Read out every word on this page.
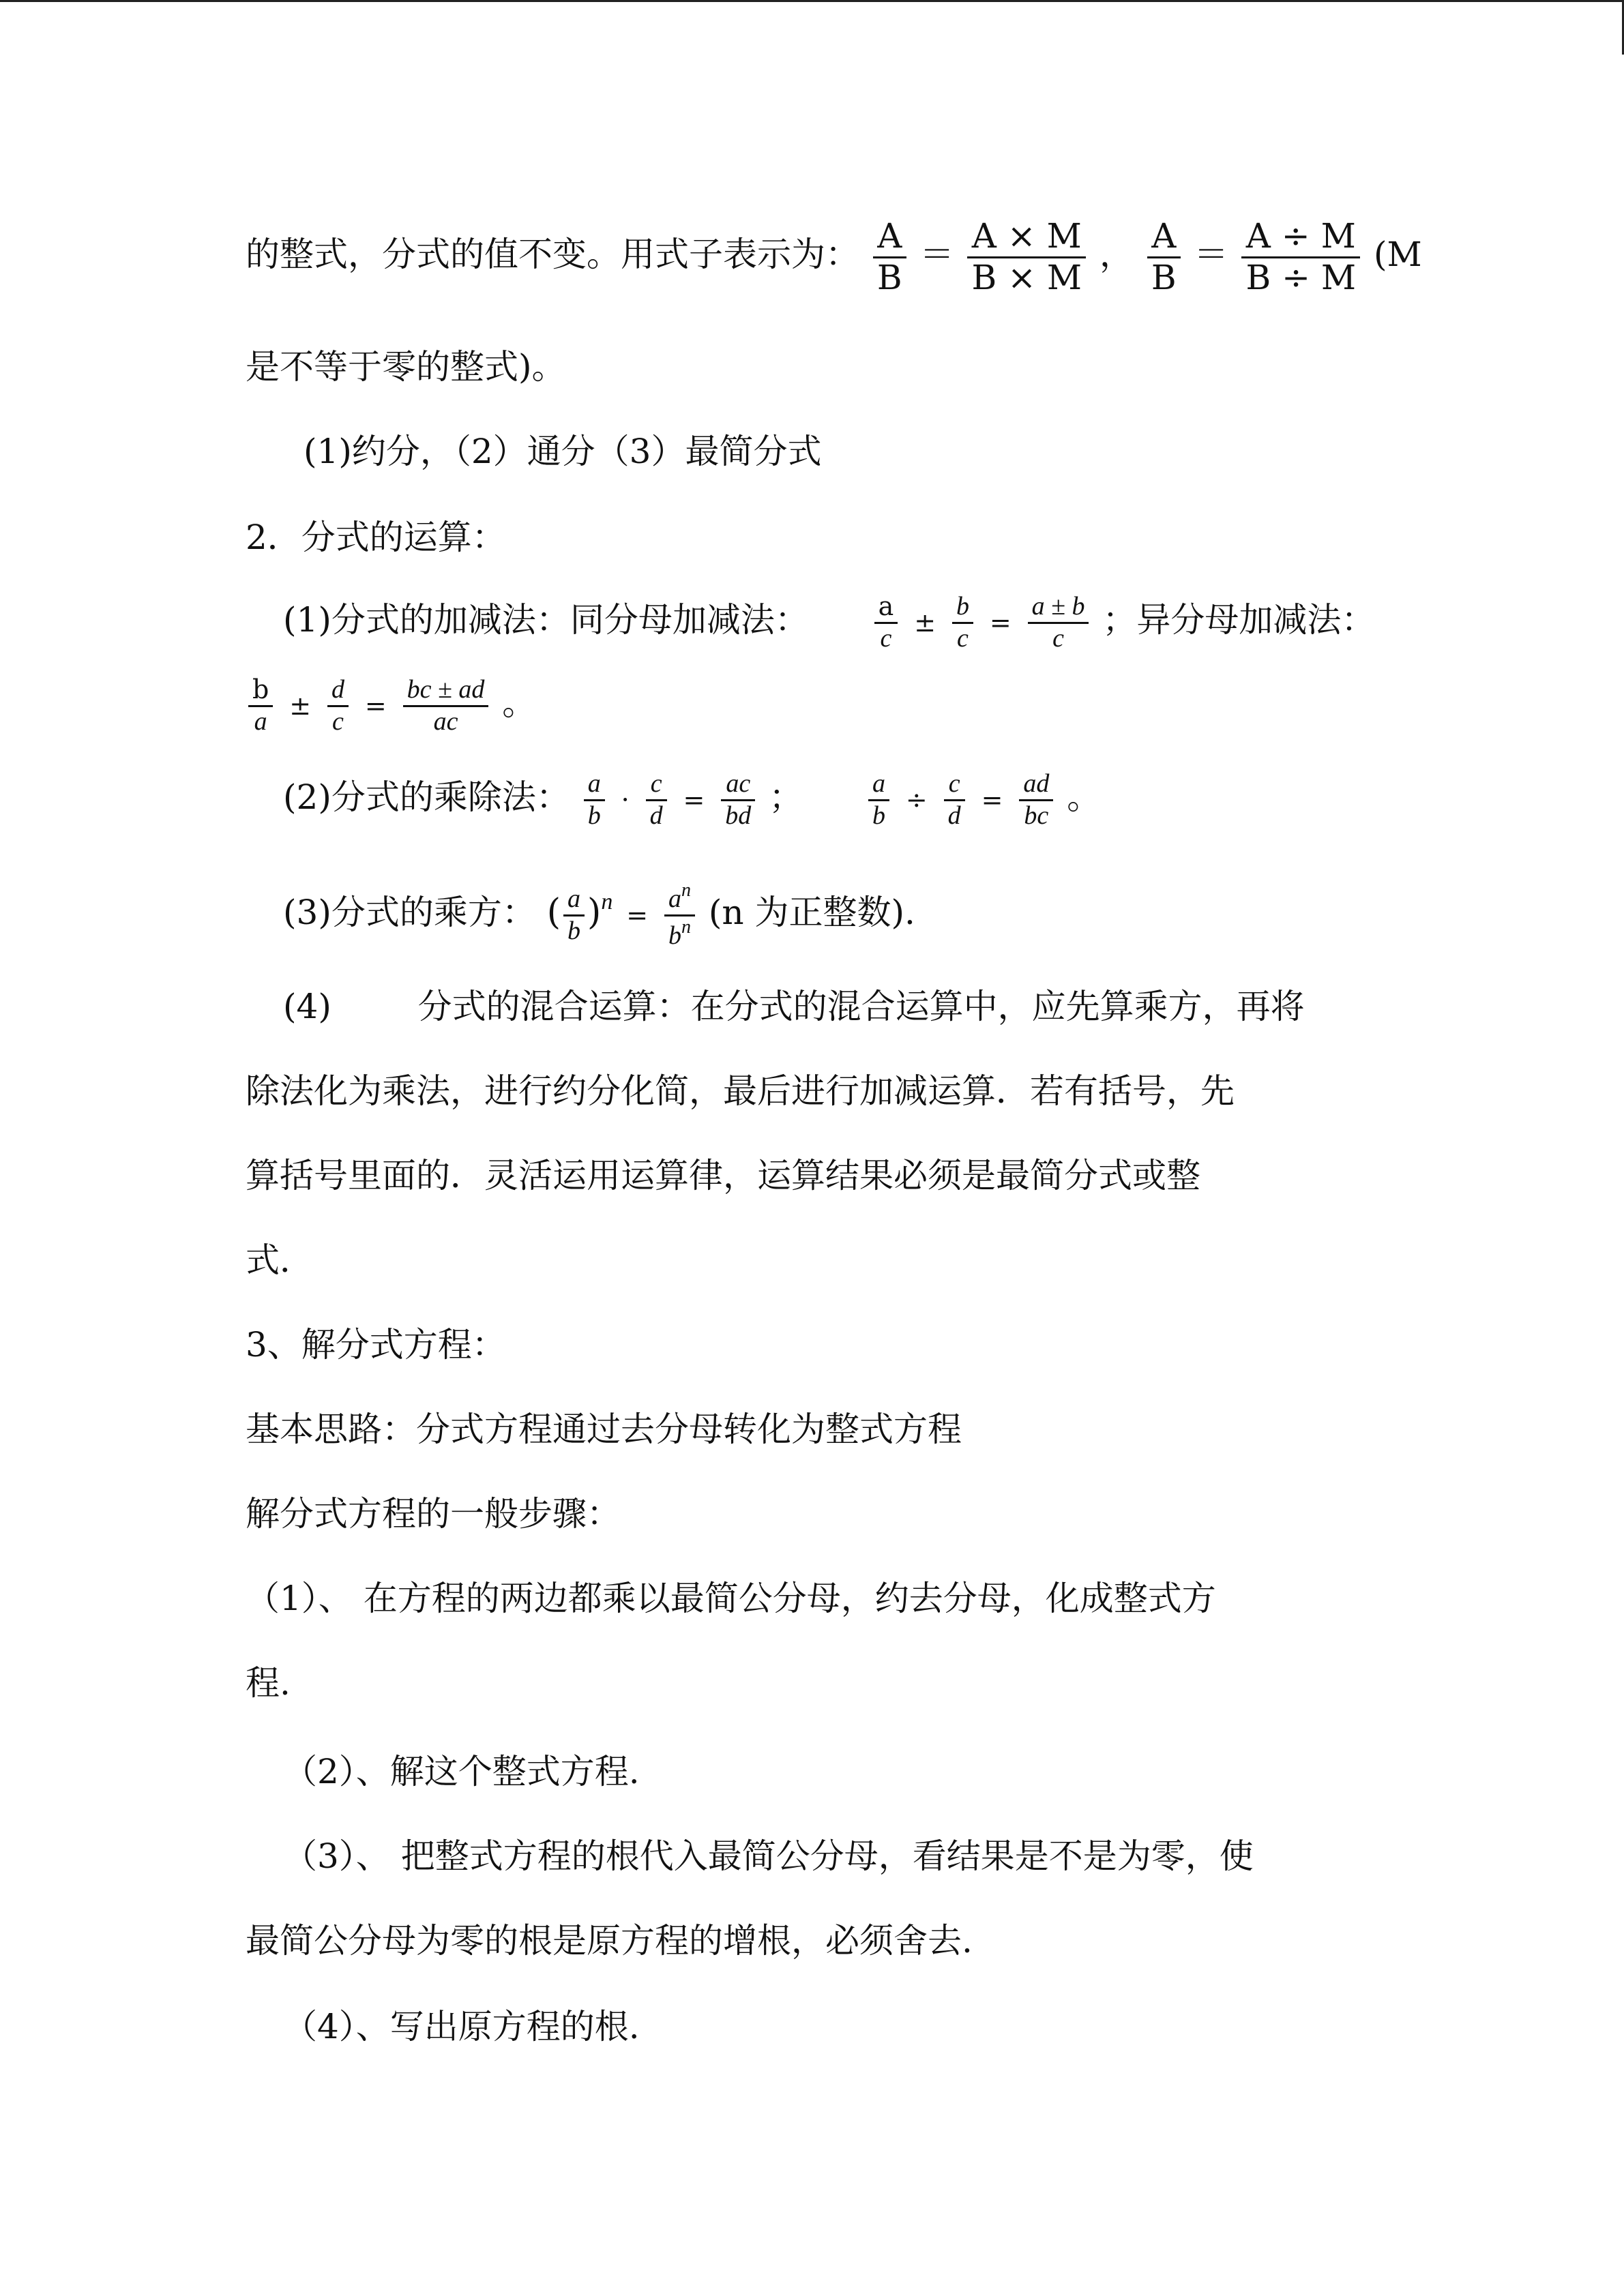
的整式，分式的值不变。用式子表示为： $\frac{A}{B} = \frac{A \times M}{B \times M}$ ， $\frac{A}{B} = \frac{A \div M}{B \div M} (M$
是不等于零的整式)。
(1)约分，（2）通分（3）最简分式
2．分式的运算：
(1)分式的加减法：同分母加减法：	$\frac{a}{c} \pm \frac{b}{c} = \frac{a \pm b}{c}$ ；异分母加减法：
$\frac{b}{a} \pm \frac{d}{c} = \frac{bc \pm ad}{ac}$ 。
(2)分式的乘除法： $\frac{a}{b} \cdot \frac{c}{d} = \frac{ac}{bd}$ ；	$\frac{a}{b} \div \frac{c}{d} = \frac{ad}{bc}$ 。
(3)分式的乘方： ( $\frac{a}{b} )^n = \frac{a^n}{b^n} (n$ 为正整数).
(4)	分式的混合运算：在分式的混合运算中，应先算乘方，再将
除法化为乘法，进行约分化简，最后进行加减运算．若有括号，先
算括号里面的．灵活运用运算律，运算结果必须是最简分式或整
式．
3、解分式方程：
基本思路：分式方程通过去分母转化为整式方程
解分式方程的一般步骤：
（1）、 在方程的两边都乘以最简公分母，约去分母，化成整式方
程.
（2）、解这个整式方程.
（3）、 把整式方程的根代入最简公分母，看结果是不是为零，使
最简公分母为零的根是原方程的增根，必须舍去.
（4）、写出原方程的根.
